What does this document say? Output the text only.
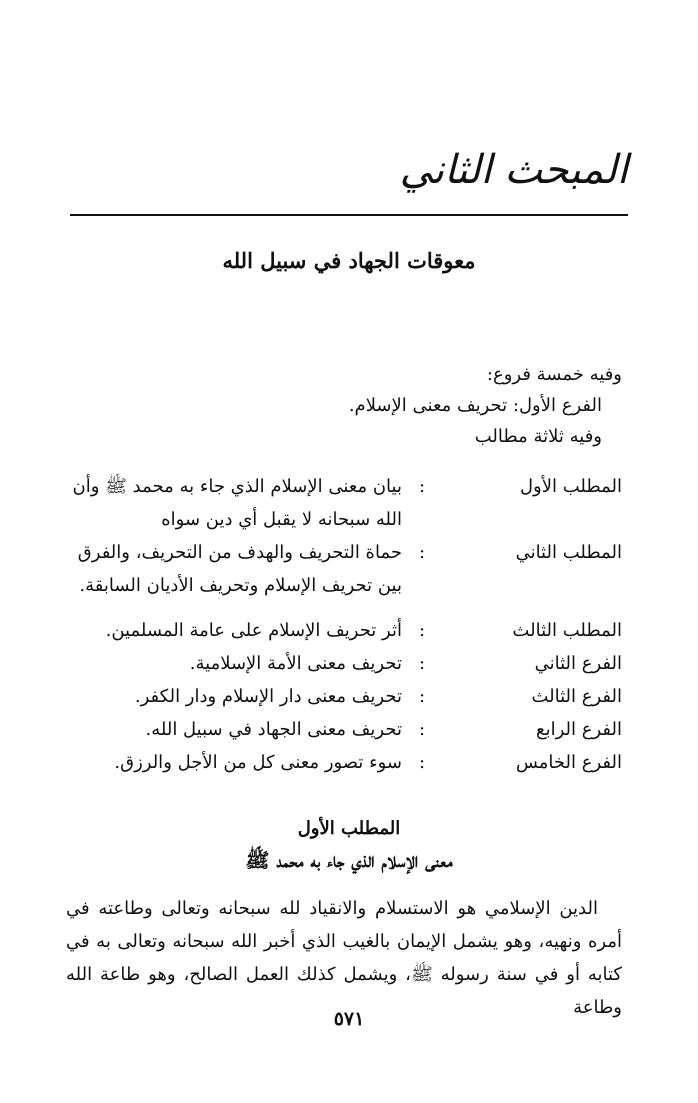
المبحث الثاني
معوقات الجهاد في سبيل الله
وفيه خمسة فروع:
الفرع الأول: تحريف معنى الإسلام.
وفيه ثلاثة مطالب
المطلب الأول
:
بيان معنى الإسلام الذي جاء به محمد ﷺ وأن الله سبحانه لا يقبل أي دين سواه
المطلب الثاني
:
حماة التحريف والهدف من التحريف، والفرق بين تحريف الإسلام وتحريف الأديان السابقة.
المطلب الثالث
:
أثر تحريف الإسلام على عامة المسلمين.
الفرع الثاني
:
تحريف معنى الأمة الإسلامية.
الفرع الثالث
:
تحريف معنى دار الإسلام ودار الكفر.
الفرع الرابع
:
تحريف معنى الجهاد في سبيل الله.
الفرع الخامس
:
سوء تصور معنى كل من الأجل والرزق.
المطلب الأول
معنى الإسلام الذي جاء به محمد ﷺ
الدين الإسلامي هو الاستسلام والانقياد لله سبحانه وتعالى وطاعته في أمره ونهيه، وهو يشمل الإيمان بالغيب الذي أخبر الله سبحانه وتعالى به في كتابه أو في سنة رسوله ﷺ، ويشمل كذلك العمل الصالح، وهو طاعة الله وطاعة
٥٧١
